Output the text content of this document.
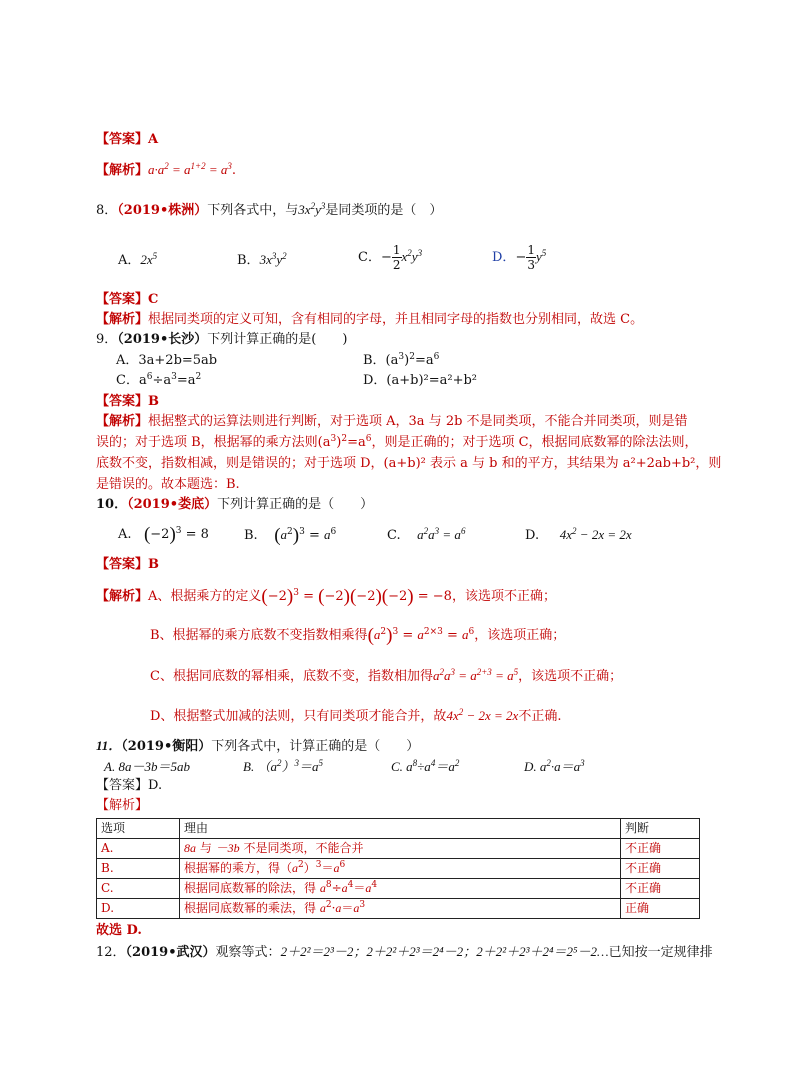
【答案】A
【解析】$a\cdot a^2 = a^{1+2} = a^3$.
8．（2019•株洲）下列各式中，与$3x^2y^3$是同类项的是（　）
A．$2x^5$	B．$3x^3y^2$	C．− $\frac{1}{2} x^2y^3$	D．− $\frac{1}{3} y^5$
【答案】C
【解析】根据同类项的定义可知，含有相同的字母，并且相同字母的指数也分别相同，故选 C。
9．（2019•长沙）下列计算正确的是(　　)
A．3a+2b=5ab	B．$(a^3)^2=a^6$
C．$a^6\div a^3=a^2$	D．(a+b)²=a²+b²
【答案】B
【解析】根据整式的运算法则进行判断，对于选项 A，3a 与 2b 不是同类项，不能合并同类项，则是错
误的；对于选项 B，根据幂的乘方法则$(a^3)^2=a^6$，则是正确的；对于选项 C，根据同底数幂的除法法则，
底数不变，指数相减，则是错误的；对于选项 D，(a+b)² 表示 a 与 b 和的平方，其结果为 a²+2ab+b²，则
是错误的。故本题选：B.
10．（2019•娄底）下列计算正确的是（　　）
A. $(-2)^3 = 8$	B. $(a^2)^3 = a^6$	C. $a^2a^3 = a^6$	D. $4x^2 - 2x = 2x$
【答案】B
【解析】A、根据乘方的定义$(-2)^3 = (-2)(-2)(-2) = -8$，该选项不正确；
B、根据幂的乘方底数不变指数相乘得$(a^2)^3 = a^{2\times 3} = a^6$，该选项正确；
C、根据同底数的幂相乘，底数不变，指数相加得$a^2a^3 = a^{2+3} = a^5$，该选项不正确；
D、根据整式加减的法则，只有同类项才能合并，故$4x^2 - 2x = 2x$不正确.
11．（2019•衡阳）下列各式中，计算正确的是（　　）
A. 8a－3b＝5ab	B. $(a^2)^3=a^5$	C. $a^8\div a^4=a^2$	D. $a^2\cdot a=a^3$
【答案】D.
【解析】
选项	理由	判断
A.	8a 与 －3b 不是同类项，不能合并	不正确
B.	根据幂的乘方，得$(a^2)^3=a^6$	不正确
C.	根据同底数幂的除法，得 $a^8\div a^4=a^4$	不正确
D.	根据同底数幂的乘法，得 $a^2\cdot a=a^3$	正确
故选 D.
12．（2019•武汉）观察等式：2＋2²＝2³－2；2＋2²＋2³＝2⁴－2；2＋2²＋2³＋2⁴＝2⁵－2…已知按一定规律排
